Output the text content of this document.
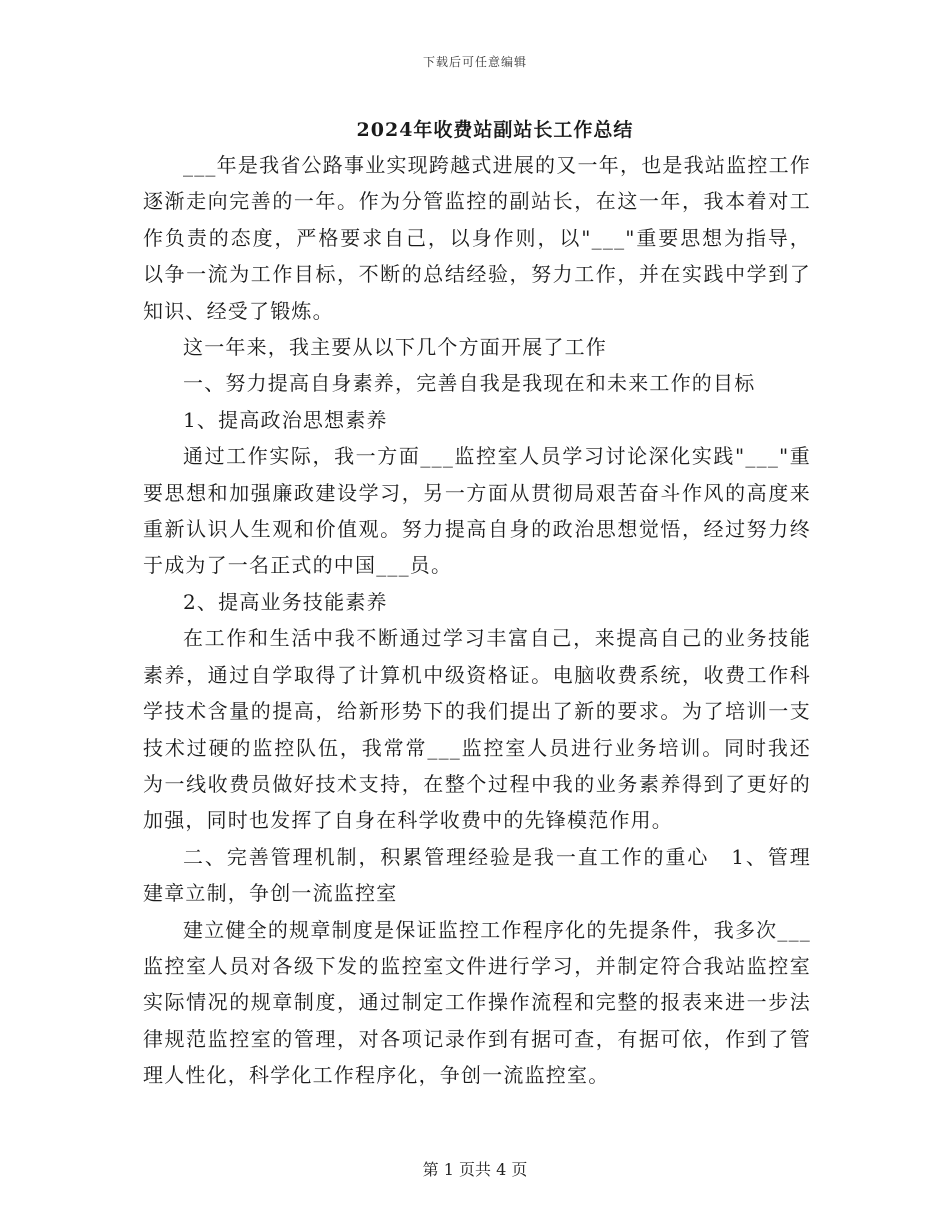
下载后可任意编辑
2024年收费站副站长工作总结

___年是我省公路事业实现跨越式进展的又一年，也是我站监控工作逐渐走向完善的一年。作为分管监控的副站长，在这一年，我本着对工作负责的态度，严格要求自己，以身作则，以"___"重要思想为指导，以争一流为工作目标，不断的总结经验，努力工作，并在实践中学到了知识、经受了锻炼。

这一年来，我主要从以下几个方面开展了工作

一、努力提高自身素养，完善自我是我现在和未来工作的目标

1、提高政治思想素养

通过工作实际，我一方面___监控室人员学习讨论深化实践"___"重要思想和加强廉政建设学习，另一方面从贯彻局艰苦奋斗作风的高度来重新认识人生观和价值观。努力提高自身的政治思想觉悟，经过努力终于成为了一名正式的中国___员。

2、提高业务技能素养

在工作和生活中我不断通过学习丰富自己，来提高自己的业务技能素养，通过自学取得了计算机中级资格证。电脑收费系统，收费工作科学技术含量的提高，给新形势下的我们提出了新的要求。为了培训一支技术过硬的监控队伍，我常常___监控室人员进行业务培训。同时我还为一线收费员做好技术支持，在整个过程中我的业务素养得到了更好的加强，同时也发挥了自身在科学收费中的先锋模范作用。

二、完善管理机制，积累管理经验是我一直工作的重心　1、管理建章立制，争创一流监控室

建立健全的规章制度是保证监控工作程序化的先提条件，我多次___监控室人员对各级下发的监控室文件进行学习，并制定符合我站监控室实际情况的规章制度，通过制定工作操作流程和完整的报表来进一步法律规范监控室的管理，对各项记录作到有据可查，有据可依，作到了管理人性化，科学化工作程序化，争创一流监控室。

第 1 页共 4 页
